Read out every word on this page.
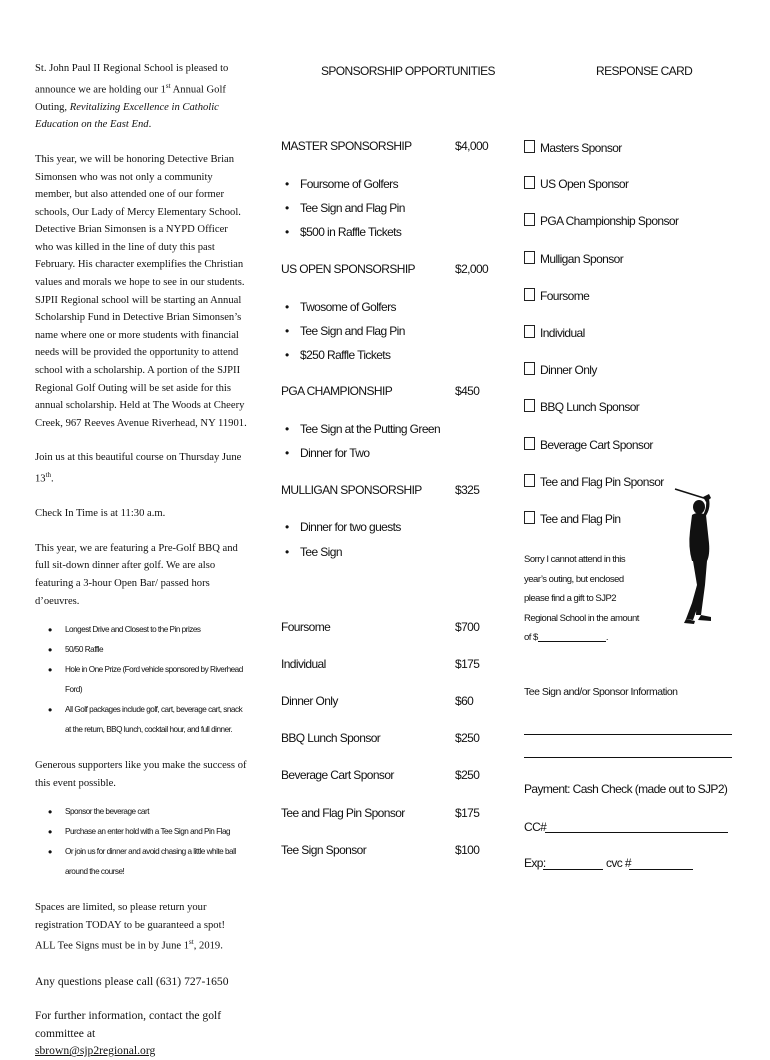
St. John Paul II Regional School is pleased to announce we are holding our 1st Annual Golf Outing, Revitalizing Excellence in Catholic Education on the East End.

This year, we will be honoring Detective Brian Simonsen who was not only a community member, but also attended one of our former schools, Our Lady of Mercy Elementary School. Detective Brian Simonsen is a NYPD Officer who was killed in the line of duty this past February. His character exemplifies the Christian values and morals we hope to see in our students. SJPII Regional school will be starting an Annual Scholarship Fund in Detective Brian Simonsen’s name where one or more students with financial needs will be provided the opportunity to attend school with a scholarship. A portion of the SJPII Regional Golf Outing will be set aside for this annual scholarship. Held at The Woods at Cheery Creek, 967 Reeves Avenue Riverhead, NY 11901.

Join us at this beautiful course on Thursday June 13th.

Check In Time is at 11:30 a.m.

This year, we are featuring a Pre-Golf BBQ and full sit-down dinner after golf. We are also featuring a 3-hour Open Bar/ passed hors d’oeuvres.

• Longest Drive and Closest to the Pin prizes
• 50/50 Raffle
• Hole in One Prize (Ford vehicle sponsored by Riverhead Ford)
• All Golf packages include golf, cart, beverage cart, snack at the return, BBQ lunch, cocktail hour, and full dinner.

Generous supporters like you make the success of this event possible.

• Sponsor the beverage cart
• Purchase an enter hold with a Tee Sign and Pin Flag
• Or join us for dinner and avoid chasing a little white ball around the course!

Spaces are limited, so please return your registration TODAY to be guaranteed a spot! ALL Tee Signs must be in by June 1st, 2019.

Any questions please call (631) 727-1650

For further information, contact the golf committee at
sbrown@sjp2regional.org

SPONSORSHIP OPPORTUNITIES
MASTER SPONSORSHIP	$4,000
• Foursome of Golfers
• Tee Sign and Flag Pin
• $500 in Raffle Tickets
US OPEN SPONSORSHIP	$2,000
• Twosome of Golfers
• Tee Sign and Flag Pin
• $250 Raffle Tickets
PGA CHAMPIONSHIP	$450
• Tee Sign at the Putting Green
• Dinner for Two
MULLIGAN SPONSORSHIP	$325
• Dinner for two guests
• Tee Sign
Foursome	$700
Individual	$175
Dinner Only	$60
BBQ Lunch Sponsor	$250
Beverage Cart Sponsor	$250
Tee and Flag Pin Sponsor	$175
Tee Sign Sponsor	$100
RESPONSE CARD
Masters Sponsor
US Open Sponsor
PGA Championship Sponsor
Mulligan Sponsor
Foursome
Individual
Dinner Only
BBQ Lunch Sponsor
Beverage Cart Sponsor
Tee and Flag Pin Sponsor
Tee and Flag Pin
Sorry I cannot attend in this
year’s outing, but enclosed
please find a gift to SJP2
Regional School in the amount
of $	.
Tee Sign and/or Sponsor Information
Payment: Cash Check (made out to SJP2)
CC#
Exp:	cvc #
